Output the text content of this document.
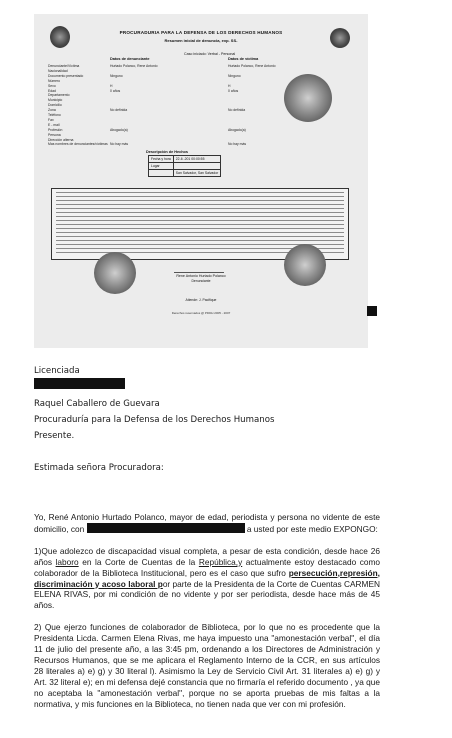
PROCURADURIA PARA LA DEFENSA DE LOS DERECHOS HUMANOS
Resumen inicial de denuncia, exp. SS-
Caso iniciado: Verbal - Personal
Datos de denunciante	Datos de víctima
Denunciante/Víctima	Hurtado Polanco, Rene Antonio	Hurtado Polanco, Rene Antonio
Nacionalidad
Documento presentado	Ninguno	Ninguno
Número
Sexo	H	H
Edad	0 años	0 años
Departamento
Municipio
Domicilio
Zona	No definida	No definida
Teléfono
Fax
E - mail
Profesión	Abogado(a)	Abogado(a)
Persona
Dirección alterna
Mas nombres de denunciantes/víctimas No hay más	No hay más
Descripción de Hechos
Fecha y hora	22-6 -201 00:00:55
Lugar	
	San Salvador, San Salvador
Rene Antonio Hurtado Polanco
Denunciante
Atiende: J. Pacifique
Derechos reservados @ PDDH 2005 - 2007
Licenciada
Raquel Caballero de Guevara
Procuraduría para la Defensa de los Derechos Humanos
Presente.
Estimada señora Procuradora:

Yo, René Antonio Hurtado Polanco, mayor de edad, periodista y persona no vidente de este domicilio, con	a usted por este medio EXPONGO:

1)Que adolezco de discapacidad visual completa, a pesar de esta condición, desde hace 26 años laboro en la Corte de Cuentas de la República,y actualmente estoy destacado como colaborador de la Biblioteca Institucional, pero es el caso que sufro persecución,represión, discriminación y acoso laboral por parte de la Presidenta de la Corte de Cuentas CARMEN ELENA RIVAS, por mi condición de no vidente y por ser periodista, desde hace más de 45 años.

2) Que ejerzo funciones de colaborador de Biblioteca, por lo que no es procedente que la Presidenta Licda. Carmen Elena Rivas, me haya impuesto una "amonestación verbal", el día 11 de julio del presente año, a las 3:45 pm, ordenando a los Directores de Administración y Recursos Humanos, que se me aplicara el Reglamento Interno de la CCR, en sus artículos 28 literales a) e) g) y 30 literal l). Asimismo la Ley de Servicio Civil Art. 31 literales a) e) g) y Art. 32 literal e); en mi defensa dejé constancia que no firmaría el referido documento , ya que no aceptaba la "amonestación verbal", porque no se aporta pruebas de mis faltas a la normativa, y mis funciones en la Biblioteca, no tienen nada que ver con mi profesión.
